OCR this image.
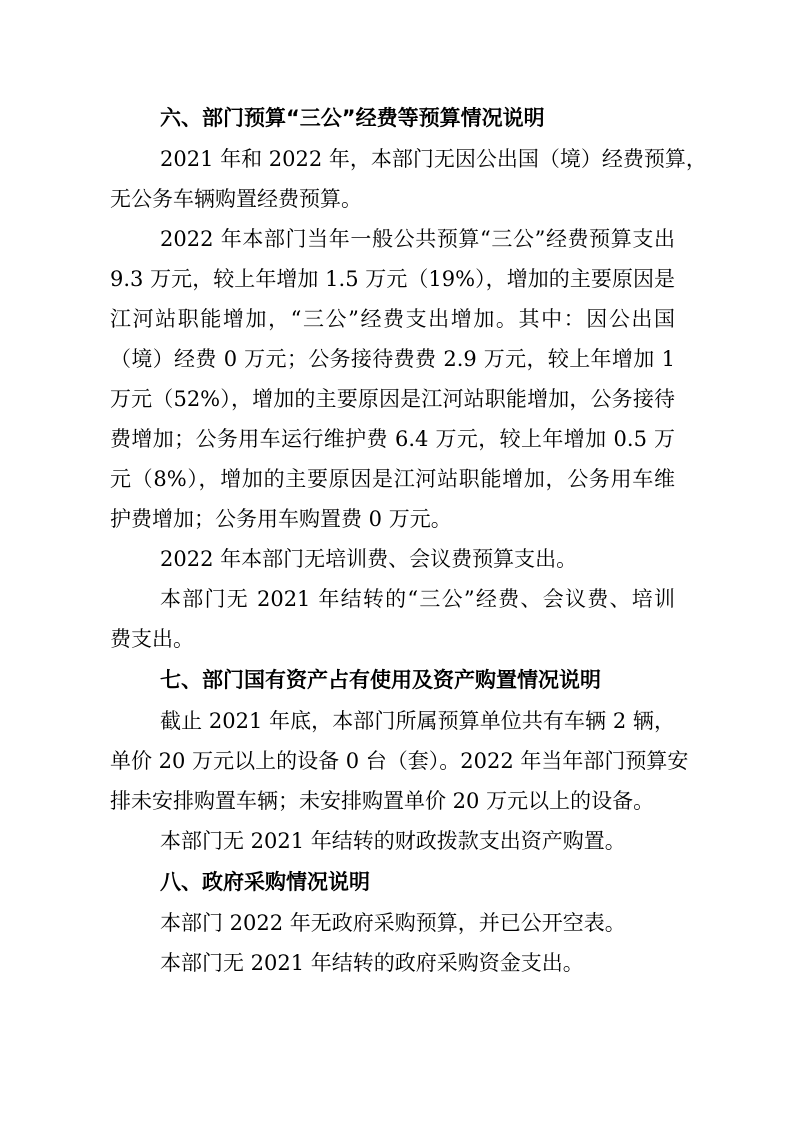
六、部门预算“三公”经费等预算情况说明
2021 年和 2022 年，本部门无因公出国（境）经费预算，
无公务车辆购置经费预算。
2022 年本部门当年一般公共预算“三公”经费预算支出
9.3 万元，较上年增加 1.5 万元（19%），增加的主要原因是
江河站职能增加，“三公”经费支出增加。其中：因公出国
（境）经费 0 万元；公务接待费费 2.9 万元，较上年增加 1
万元（52%），增加的主要原因是江河站职能增加，公务接待
费增加；公务用车运行维护费 6.4 万元，较上年增加 0.5 万
元（8%），增加的主要原因是江河站职能增加，公务用车维
护费增加；公务用车购置费 0 万元。
2022 年本部门无培训费、会议费预算支出。
本部门无 2021 年结转的“三公”经费、会议费、培训
费支出。
七、部门国有资产占有使用及资产购置情况说明
截止 2021 年底，本部门所属预算单位共有车辆 2 辆，
单价 20 万元以上的设备 0 台（套）。2022 年当年部门预算安
排未安排购置车辆；未安排购置单价 20 万元以上的设备。
本部门无 2021 年结转的财政拨款支出资产购置。
八、政府采购情况说明
本部门 2022 年无政府采购预算，并已公开空表。
本部门无 2021 年结转的政府采购资金支出。
